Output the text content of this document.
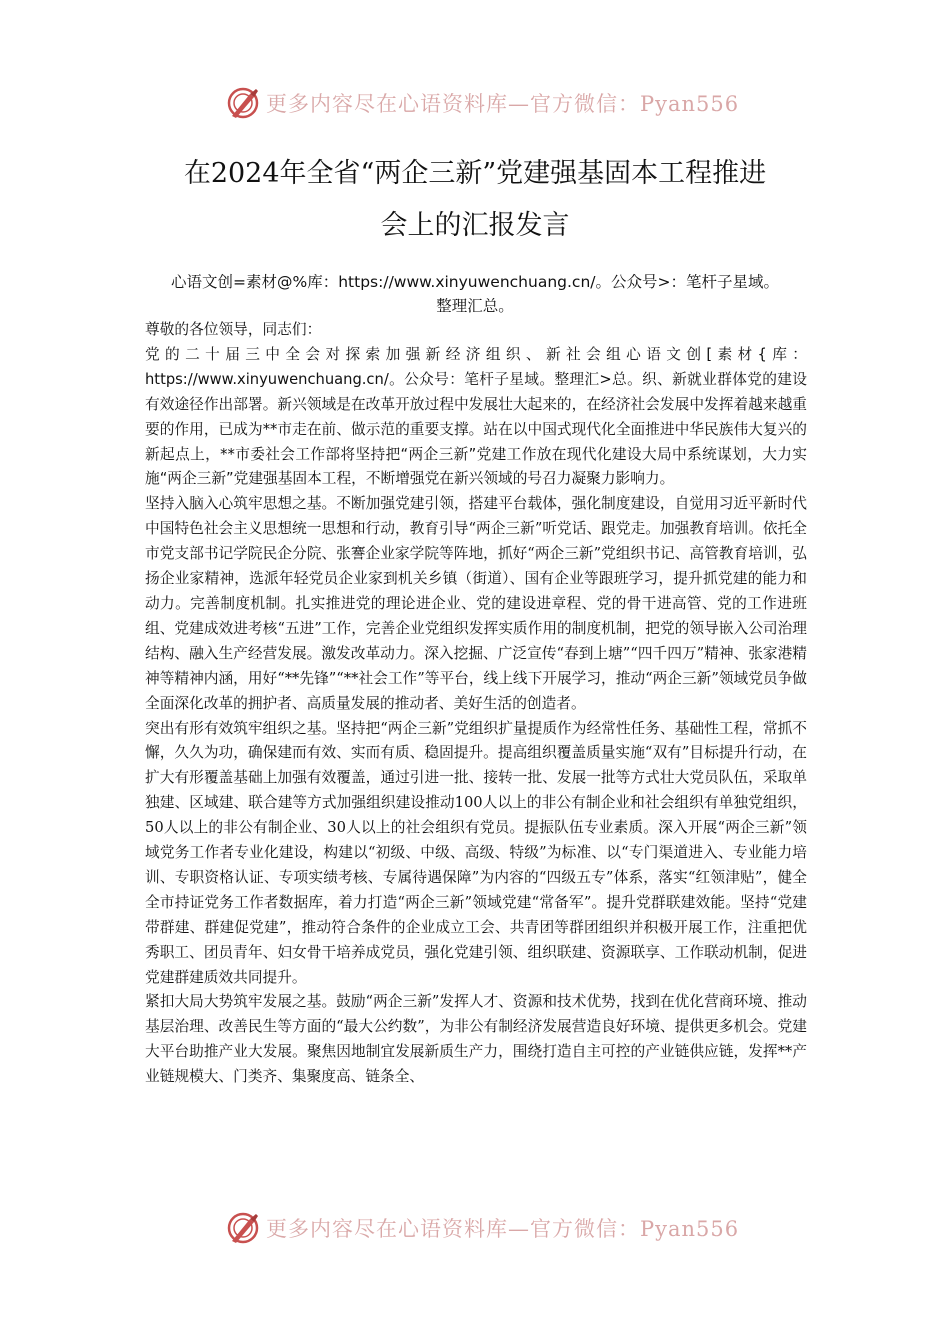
更多内容尽在心语资料库—官方微信：Pyan556
在2024年全省“两企三新”党建强基固本工程推进
会上的汇报发言
心语文创=素材@%库：https://www.xinyuwenchuang.cn/。公众号>：笔杆子星域。
整理汇总。

尊敬的各位领导，同志们：

党的二十届三中全会对探索加强新经济组织、新社会组心语文创[素材{库：https://www.xinyuwenchuang.cn/。公众号：笔杆子星域。整理汇>总。织、新就业群体党的建设有效途径作出部署。新兴领域是在改革开放过程中发展壮大起来的，在经济社会发展中发挥着越来越重要的作用，已成为**市走在前、做示范的重要支撑。站在以中国式现代化全面推进中华民族伟大复兴的新起点上，**市委社会工作部将坚持把“两企三新”党建工作放在现代化建设大局中系统谋划，大力实施“两企三新”党建强基固本工程，不断增强党在新兴领域的号召力凝聚力影响力。

坚持入脑入心筑牢思想之基。不断加强党建引领，搭建平台载体，强化制度建设，自觉用习近平新时代中国特色社会主义思想统一思想和行动，教育引导“两企三新”听党话、跟党走。加强教育培训。依托全市党支部书记学院民企分院、张謇企业家学院等阵地，抓好“两企三新”党组织书记、高管教育培训，弘扬企业家精神，选派年轻党员企业家到机关乡镇（街道）、国有企业等跟班学习，提升抓党建的能力和动力。完善制度机制。扎实推进党的理论进企业、党的建设进章程、党的骨干进高管、党的工作进班组、党建成效进考核“五进”工作，完善企业党组织发挥实质作用的制度机制，把党的领导嵌入公司治理结构、融入生产经营发展。激发改革动力。深入挖掘、广泛宣传“春到上塘”“四千四万”精神、张家港精神等精神内涵，用好“**先锋”“**社会工作”等平台，线上线下开展学习，推动“两企三新”领域党员争做全面深化改革的拥护者、高质量发展的推动者、美好生活的创造者。

突出有形有效筑牢组织之基。坚持把“两企三新”党组织扩量提质作为经常性任务、基础性工程，常抓不懈，久久为功，确保建而有效、实而有质、稳固提升。提高组织覆盖质量实施“双有”目标提升行动，在扩大有形覆盖基础上加强有效覆盖，通过引进一批、接转一批、发展一批等方式壮大党员队伍，采取单独建、区域建、联合建等方式加强组织建设推动100人以上的非公有制企业和社会组织有单独党组织，50人以上的非公有制企业、30人以上的社会组织有党员。提振队伍专业素质。深入开展“两企三新”领域党务工作者专业化建设，构建以“初级、中级、高级、特级”为标准、以“专门渠道进入、专业能力培训、专职资格认证、专项实绩考核、专属待遇保障”为内容的“四级五专”体系，落实“红领津贴”，健全全市持证党务工作者数据库，着力打造“两企三新”领域党建“常备军”。提升党群联建效能。坚持“党建带群建、群建促党建”，推动符合条件的企业成立工会、共青团等群团组织并积极开展工作，注重把优秀职工、团员青年、妇女骨干培养成党员，强化党建引领、组织联建、资源联享、工作联动机制，促进党建群建质效共同提升。

紧扣大局大势筑牢发展之基。鼓励“两企三新”发挥人才、资源和技术优势，找到在优化营商环境、推动基层治理、改善民生等方面的“最大公约数”，为非公有制经济发展营造良好环境、提供更多机会。党建大平台助推产业大发展。聚焦因地制宜发展新质生产力，围绕打造自主可控的产业链供应链，发挥**产业链规模大、门类齐、集聚度高、链条全、

更多内容尽在心语资料库—官方微信：Pyan556
